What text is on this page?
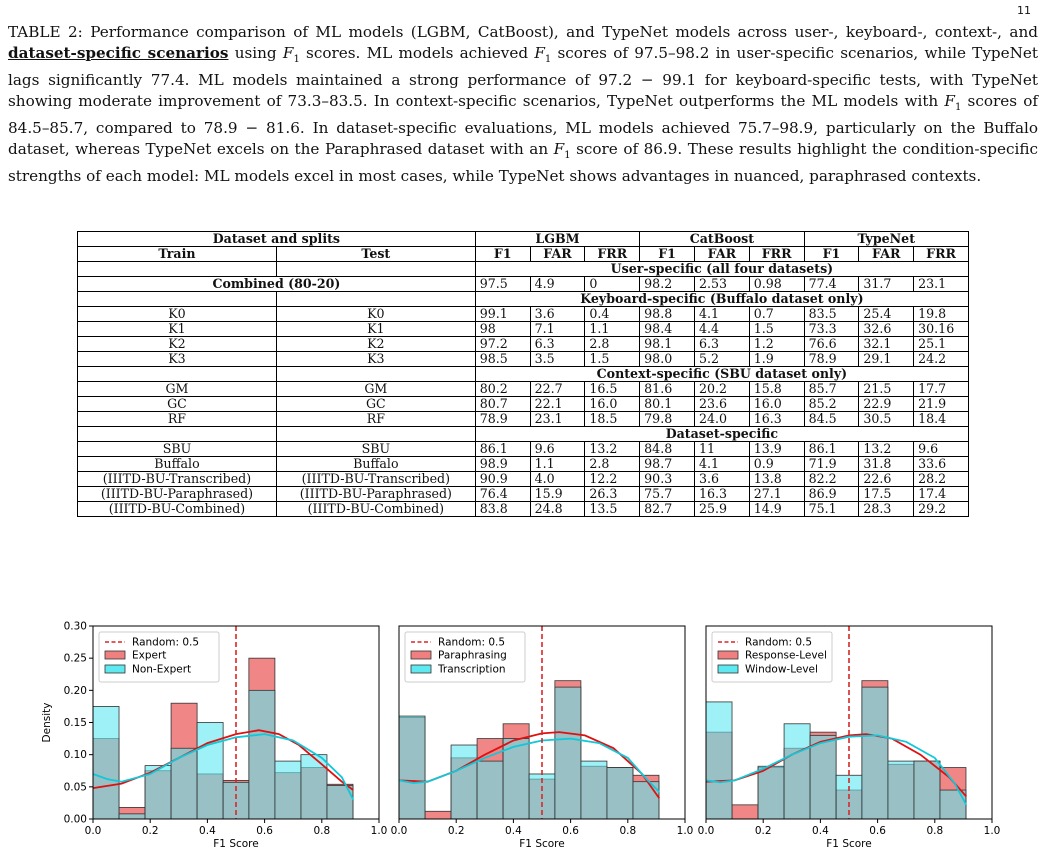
11
TABLE 2: Performance comparison of ML models (LGBM, CatBoost), and TypeNet models across user-, keyboard-, context-, and dataset-specific scenarios using $F_1$ scores. ML models achieved $F_1$ scores of 97.5–98.2 in user-specific scenarios, while TypeNet lags significantly 77.4. ML models maintained a strong performance of 97.2 − 99.1 for keyboard-specific tests, with TypeNet showing moderate improvement of 73.3–83.5. In context-specific scenarios, TypeNet outperforms the ML models with $F_1$ scores of 84.5–85.7, compared to 78.9 − 81.6. In dataset-specific evaluations, ML models achieved 75.7–98.9, particularly on the Buffalo dataset, whereas TypeNet excels on the Paraphrased dataset with an $F_1$ score of 86.9. These results highlight the condition-specific strengths of each model: ML models excel in most cases, while TypeNet shows advantages in nuanced, paraphrased contexts.
Dataset and splits		LGBM			CatBoost			TypeNet		
Train	Test	F1	FAR	FRR	F1	FAR	FRR	F1	FAR	FRR
		User-specific (all four datasets)								
Combined (80-20)		97.5	4.9	0	98.2	2.53	0.98	77.4	31.7	23.1
		Keyboard-specific (Buffalo dataset only)								
K0	K0	99.1	3.6	0.4	98.8	4.1	0.7	83.5	25.4	19.8
K1	K1	98	7.1	1.1	98.4	4.4	1.5	73.3	32.6	30.16
K2	K2	97.2	6.3	2.8	98.1	6.3	1.2	76.6	32.1	25.1
K3	K3	98.5	3.5	1.5	98.0	5.2	1.9	78.9	29.1	24.2
		Context-specific (SBU dataset only)								
GM	GM	80.2	22.7	16.5	81.6	20.2	15.8	85.7	21.5	17.7
GC	GC	80.7	22.1	16.0	80.1	23.6	16.0	85.2	22.9	21.9
RF	RF	78.9	23.1	18.5	79.8	24.0	16.3	84.5	30.5	18.4
		Dataset-specific								
SBU	SBU	86.1	9.6	13.2	84.8	11	13.9	86.1	13.2	9.6
Buffalo	Buffalo	98.9	1.1	2.8	98.7	4.1	0.9	71.9	31.8	33.6
(IIITD-BU-Transcribed)	(IIITD-BU-Transcribed)	90.9	4.0	12.2	90.3	3.6	13.8	82.2	22.6	28.2
(IIITD-BU-Paraphrased)	(IIITD-BU-Paraphrased)	76.4	15.9	26.3	75.7	16.3	27.1	86.9	17.5	17.4
(IIITD-BU-Combined)	(IIITD-BU-Combined)	83.8	24.8	13.5	82.7	25.9	14.9	75.1	28.3	29.2
0.0	0.2	0.4	0.6	0.8	1.0
F1 Score
0.00
0.05
0.10
0.15
0.20
0.25
0.30
Density
Random: 0.5
Expert
Non-Expert
0.0	0.2	0.4	0.6	0.8	1.0
F1 Score
Random: 0.5
Paraphrasing
Transcription
0.0	0.2	0.4	0.6	0.8	1.0
F1 Score
Random: 0.5
Response-Level
Window-Level
